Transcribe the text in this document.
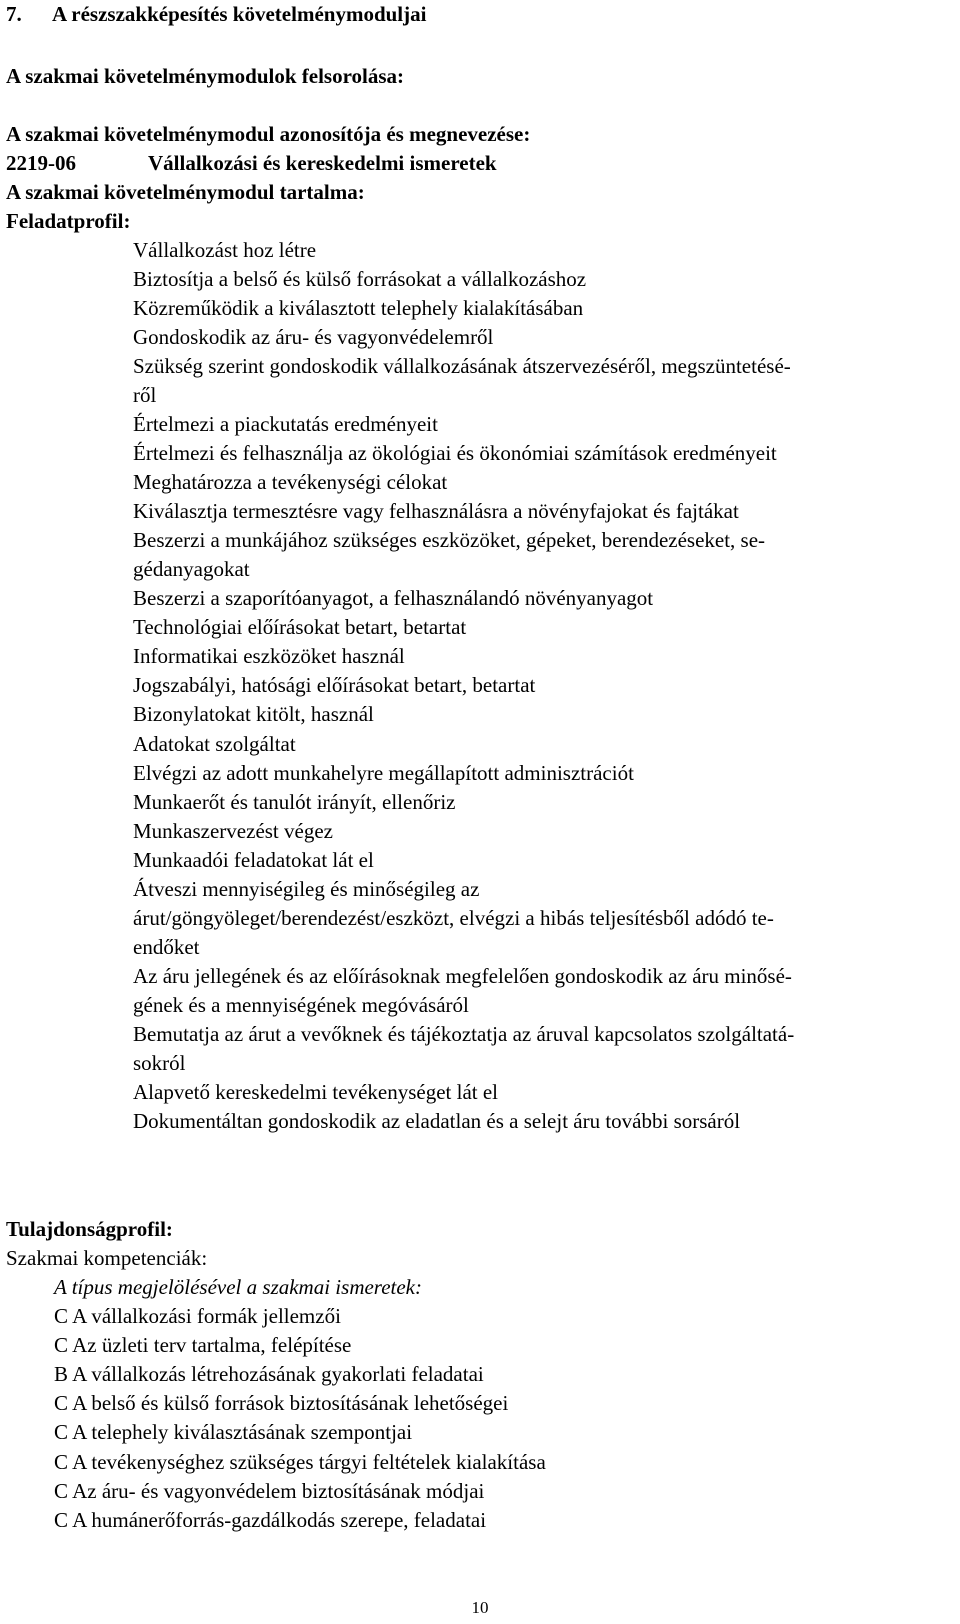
7. A részszakképesítés követelménymoduljai
A szakmai követelménymodulok felsorolása:
A szakmai követelménymodul azonosítója és megnevezése:
2219-06	Vállalkozási és kereskedelmi ismeretek
A szakmai követelménymodul tartalma:
Feladatprofil:
Vállalkozást hoz létre
Biztosítja a belső és külső forrásokat a vállalkozáshoz
Közreműködik a kiválasztott telephely kialakításában
Gondoskodik az áru- és vagyonvédelemről
Szükség szerint gondoskodik vállalkozásának átszervezéséről, megszüntetésé-
ről
Értelmezi a piackutatás eredményeit
Értelmezi és felhasználja az ökológiai és ökonómiai számítások eredményeit
Meghatározza a tevékenységi célokat
Kiválasztja termesztésre vagy felhasználásra a növényfajokat és fajtákat
Beszerzi a munkájához szükséges eszközöket, gépeket, berendezéseket, se-
gédanyagokat
Beszerzi a szaporítóanyagot, a felhasználandó növényanyagot
Technológiai előírásokat betart, betartat
Informatikai eszközöket használ
Jogszabályi, hatósági előírásokat betart, betartat
Bizonylatokat kitölt, használ
Adatokat szolgáltat
Elvégzi az adott munkahelyre megállapított adminisztrációt
Munkaerőt és tanulót irányít, ellenőriz
Munkaszervezést végez
Munkaadói feladatokat lát el
Átveszi mennyiségileg és minőségileg az
árut/göngyöleget/berendezést/eszközt, elvégzi a hibás teljesítésből adódó te-
endőket
Az áru jellegének és az előírásoknak megfelelően gondoskodik az áru minősé-
gének és a mennyiségének megóvásáról
Bemutatja az árut a vevőknek és tájékoztatja az áruval kapcsolatos szolgáltatá-
sokról
Alapvető kereskedelmi tevékenységet lát el
Dokumentáltan gondoskodik az eladatlan és a selejt áru további sorsáról
Tulajdonságprofil:
Szakmai kompetenciák:
A típus megjelölésével a szakmai ismeretek:
C A vállalkozási formák jellemzői
C Az üzleti terv tartalma, felépítése
B A vállalkozás létrehozásának gyakorlati feladatai
C A belső és külső források biztosításának lehetőségei
C A telephely kiválasztásának szempontjai
C A tevékenységhez szükséges tárgyi feltételek kialakítása
C Az áru- és vagyonvédelem biztosításának módjai
C A humánerőforrás-gazdálkodás szerepe, feladatai
10
